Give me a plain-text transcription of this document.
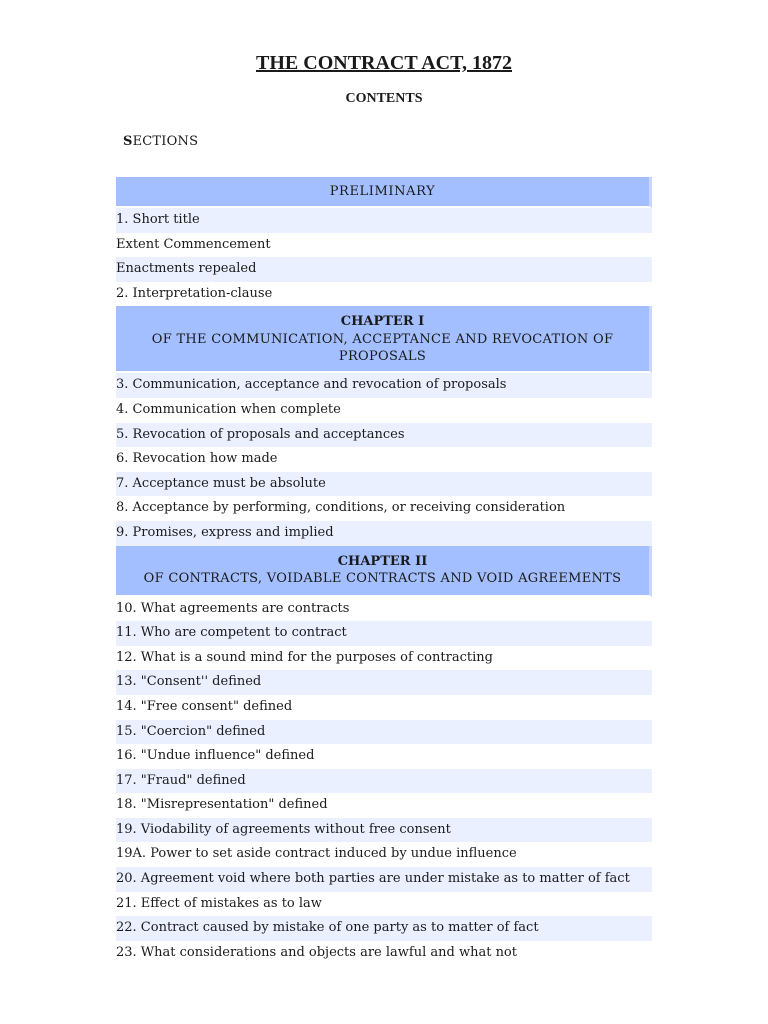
THE CONTRACT ACT, 1872
CONTENTS
SECTIONS
PRELIMINARY
1. Short title
Extent Commencement
Enactments repealed
2. Interpretation-clause
CHAPTER I
OF THE COMMUNICATION, ACCEPTANCE AND REVOCATION OF PROPOSALS
3. Communication, acceptance and revocation of proposals
4. Communication when complete
5. Revocation of proposals and acceptances
6. Revocation how made
7. Acceptance must be absolute
8. Acceptance by performing, conditions, or receiving consideration
9. Promises, express and implied
CHAPTER II
OF CONTRACTS, VOIDABLE CONTRACTS AND VOID AGREEMENTS
10. What agreements are contracts
11. Who are competent to contract
12. What is a sound mind for the purposes of contracting
13. "Consent'' defined
14. "Free consent" defined
15. "Coercion" defined
16. "Undue influence" defined
17. "Fraud" defined
18. "Misrepresentation" defined
19. Viodability of agreements without free consent
19A. Power to set aside contract induced by undue influence
20. Agreement void where both parties are under mistake as to matter of fact
21. Effect of mistakes as to law
22. Contract caused by mistake of one party as to matter of fact
23. What considerations and objects are lawful and what not
